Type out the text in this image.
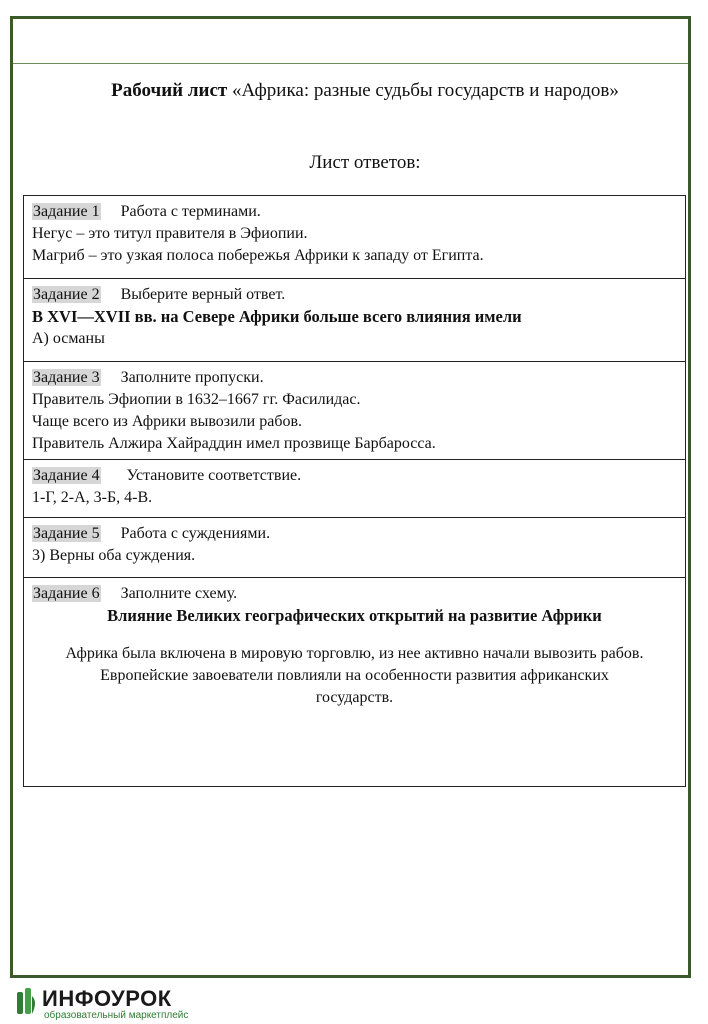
Рабочий лист «Африка: разные судьбы государств и народов»
Лист ответов:
Задание 1 Работа с терминами.
Негус – это титул правителя в Эфиопии.
Магриб – это узкая полоса побережья Африки к западу от Египта.
Задание 2 Выберите верный ответ.
В XVI—XVII вв. на Севере Африки больше всего влияния имели
А) османы
Задание 3 Заполните пропуски.
Правитель Эфиопии в 1632–1667 гг. Фасилидас.
Чаще всего из Африки вывозили рабов.
Правитель Алжира Хайраддин имел прозвище Барбаросса.
Задание 4 Установите соответствие.
1-Г, 2-А, 3-Б, 4-В.
Задание 5 Работа с суждениями.
3) Верны оба суждения.
Задание 6 Заполните схему.
Влияние Великих географических открытий на развитие Африки
Африка была включена в мировую торговлю, из нее активно начали вывозить рабов. Европейские завоеватели повлияли на особенности развития африканских государств.
ИНФОУРОК
образовательный маркетплейс
